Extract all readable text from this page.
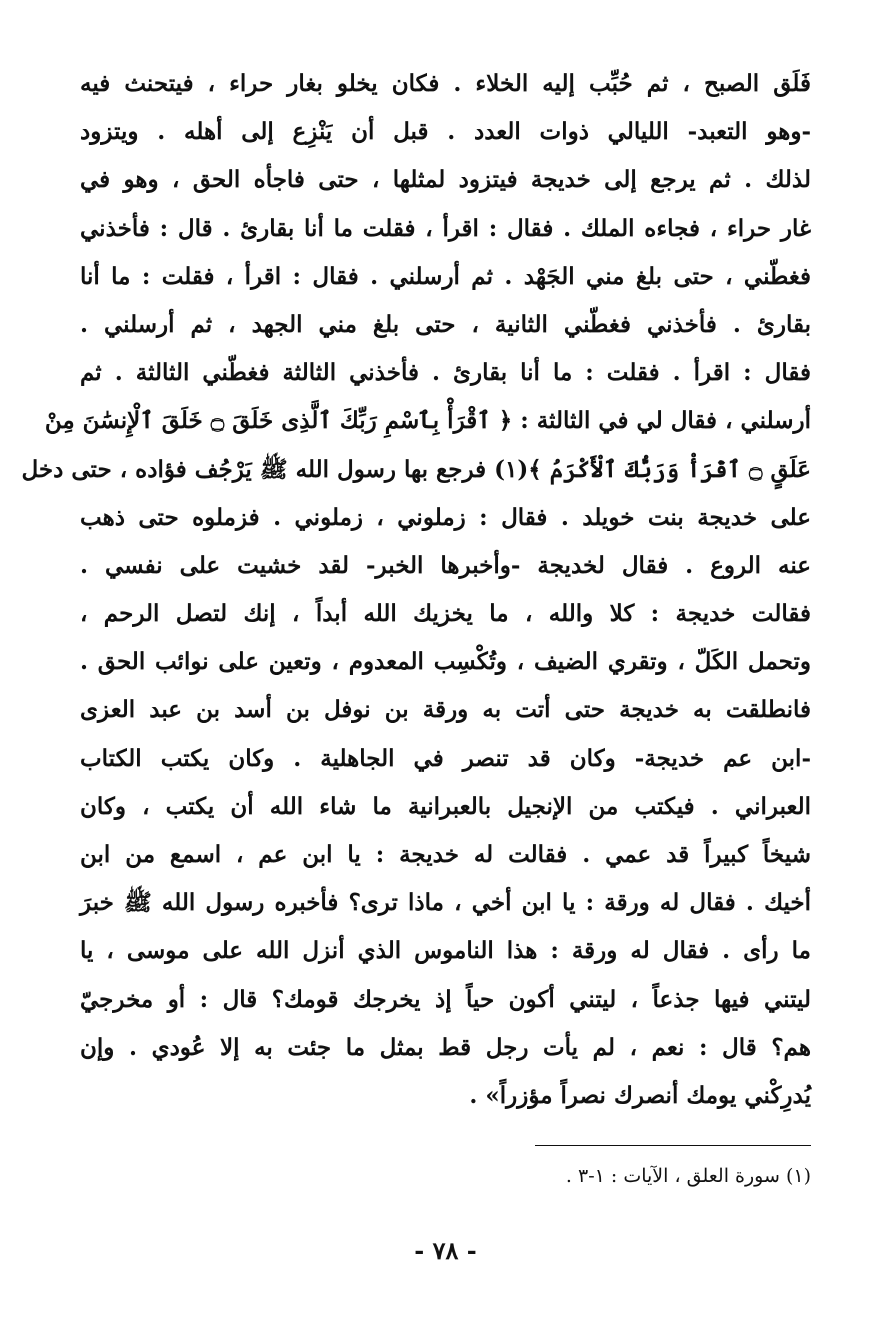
فَلَق الصبح ، ثم حُبِّب إليه الخلاء . فكان يخلو بغار حراء ، فيتحنث فيه
-وهو التعبد- الليالي ذوات العدد . قبل أن يَنْزِع إلى أهله . ويتزود
لذلك . ثم يرجع إلى خديجة فيتزود لمثلها ، حتى فاجأه الحق ، وهو في
غار حراء ، فجاءه الملك . فقال : اقرأ ، فقلت ما أنا بقارئ . قال : فأخذني
فغطّني ، حتى بلغ مني الجَهْد . ثم أرسلني . فقال : اقرأ ، فقلت : ما أنا
بقارئ . فأخذني فغطّني الثانية ، حتى بلغ مني الجهد ، ثم أرسلني .
فقال : اقرأ . فقلت : ما أنا بقارئ . فأخذني الثالثة فغطّني الثالثة . ثم
أرسلني ، فقال لي في الثالثة : ﴿ ٱقْرَأْ بِٱسْمِ رَبِّكَ ٱلَّذِى خَلَقَ ۝ خَلَقَ ٱلْإِنسَٰنَ مِنْ
عَلَقٍ ۝ ٱقْرَأْ وَرَبُّكَ ٱلْأَكْرَمُ ﴾(١) فرجع بها رسول الله ﷺ يَرْجُف فؤاده ، حتى دخل
على خديجة بنت خويلد . فقال : زملوني ، زملوني . فزملوه حتى ذهب
عنه الروع . فقال لخديجة -وأخبرها الخبر- لقد خشيت على نفسي .
فقالت خديجة : كلا والله ، ما يخزيك الله أبداً ، إنك لتصل الرحم ،
وتحمل الكَلّ ، وتقري الضيف ، وتُكْسِب المعدوم ، وتعين على نوائب الحق .
فانطلقت به خديجة حتى أتت به ورقة بن نوفل بن أسد بن عبد العزى
-ابن عم خديجة- وكان قد تنصر في الجاهلية . وكان يكتب الكتاب
العبراني . فيكتب من الإنجيل بالعبرانية ما شاء الله أن يكتب ، وكان
شيخاً كبيراً قد عمي . فقالت له خديجة : يا ابن عم ، اسمع من ابن
أخيك . فقال له ورقة : يا ابن أخي ، ماذا ترى؟ فأخبره رسول الله ﷺ خبرَ
ما رأى . فقال له ورقة : هذا الناموس الذي أنزل الله على موسى ، يا
ليتني فيها جذعاً ، ليتني أكون حياً إذ يخرجك قومك؟ قال : أو مخرجيّ
هم؟ قال : نعم ، لم يأت رجل قط بمثل ما جئت به إلا عُودي . وإن
يُدرِكْني يومك أنصرك نصراً مؤزراً» .
(١) سورة العلق ، الآيات : ١-٣ .
- ٧٨ -
